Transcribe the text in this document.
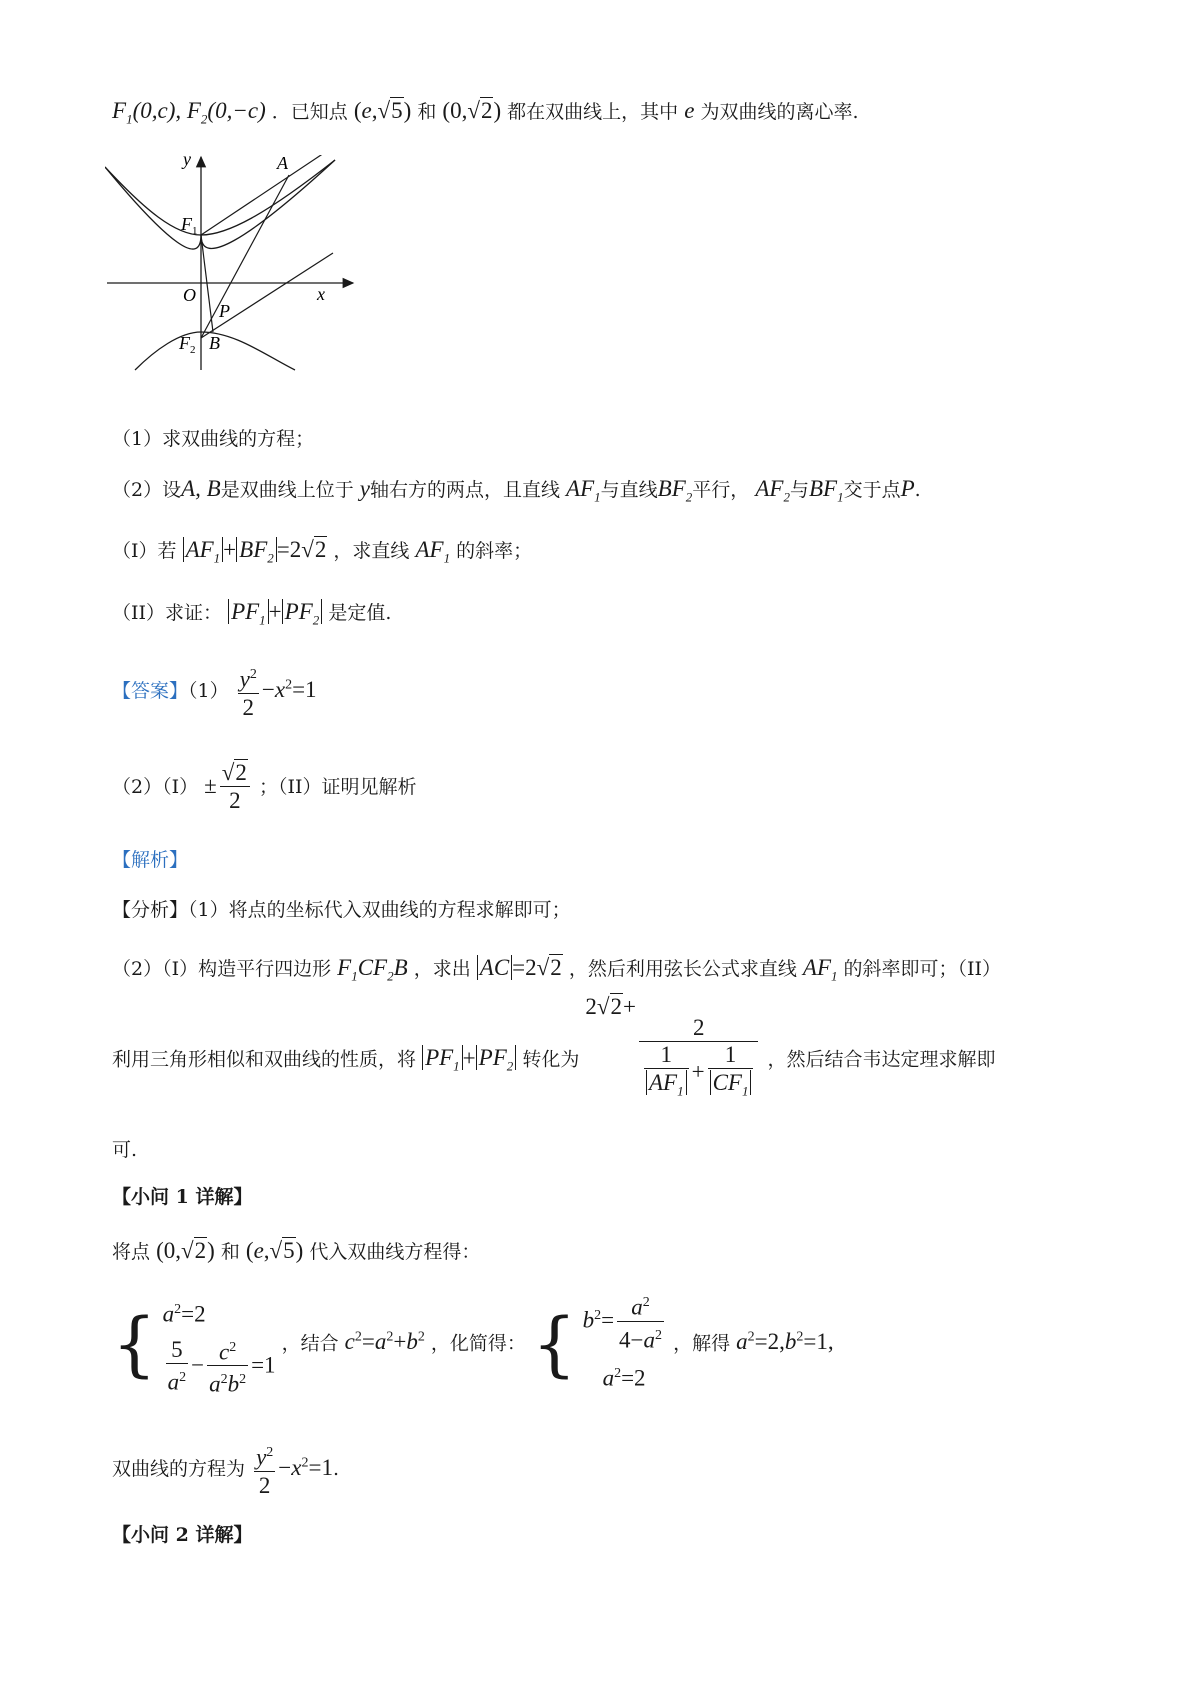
$F_1(0,c)$, $F_2(0,-c)$ ．已知点 (e,√5) 和 (0,√2) 都在双曲线上，其中 e 为双曲线的离心率.
y
x
O
A
P
B
$F_1$
$F_2$
（1）求双曲线的方程；
（2）设A, B是双曲线上位于 y轴右方的两点，且直线 $AF_1$与直线$BF_2$平行， $AF_2$与$BF_1$交于点P.
（I）若 $AF_1 + BF_2 =2√2$ ，求直线 $AF_1$ 的斜率；
（II）求证： $PF_1 + PF_2$ 是定值.
【答案】$(1) \frac{y^2}{2} -x^2=1$
$(2)(I) \pm \frac{√2}{2}$ ；（II）证明见解析
【解析】
【分析】（1）将点的坐标代入双曲线的方程求解即可；
（2）（I）构造平行四边形 $F_1CF_2B$ ，求出 AC =2√2 ，然后利用弦长公式求直线 $AF_1$ 的斜率即可；（II）
利用三角形相似和双曲线的性质，将 $PF_1 + PF_2$ 转化为 2√2+
$\frac{2}{\frac{1}{AF_1} + \frac{1}{CF_1}}$ ，然后结合韦达定理求解即
可.
【小问 1 详解】
将点 (0,√2) 和 (e,√5) 代入双曲线方程得：
{ $a^2=2$
$\frac{5}{a^2} - \frac{c^2}{a^2b^2} =1$
，结合 $c^2=a^2+b^2$ ，化简得： { $b^2= \frac{a^2}{4-a^2}$
$a^2=2$
，解得 $a^2=2,b^2=1$,
双曲线的方程为 $\frac{y^2}{2} -x^2=1$.
【小问 2 详解】
